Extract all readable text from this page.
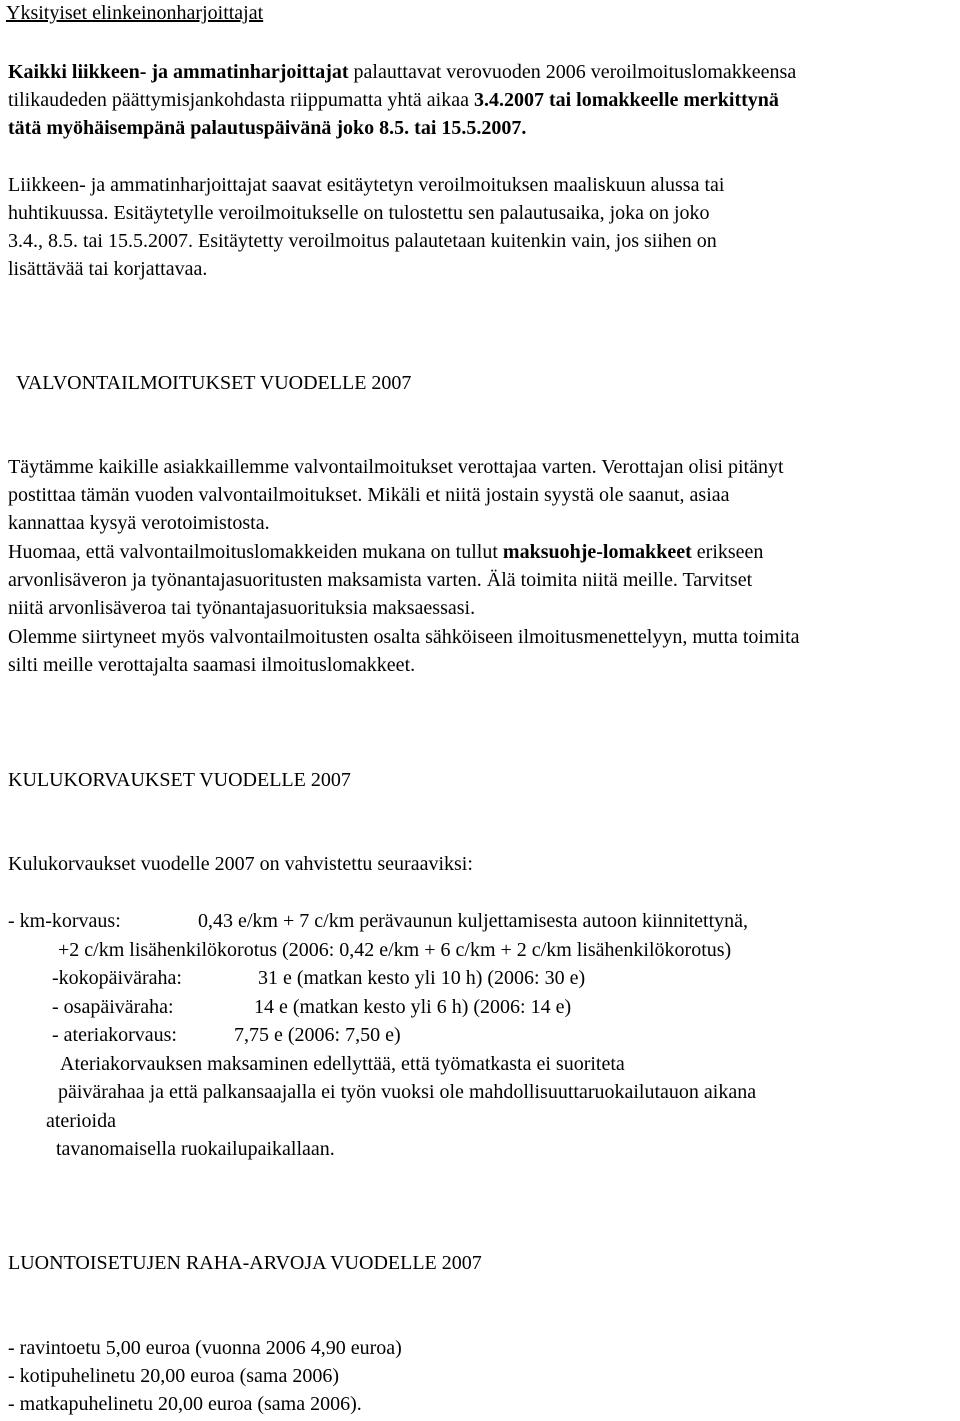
Yksityiset elinkeinonharjoittajat
Kaikki liikkeen- ja ammatinharjoittajat palauttavat verovuoden 2006 veroilmoituslomakkeensa
tilikaudeden päättymisjankohdasta riippumatta yhtä aikaa 3.4.2007 tai lomakkeelle merkittynä
tätä myöhäisempänä palautuspäivänä joko 8.5. tai 15.5.2007.
Liikkeen- ja ammatinharjoittajat saavat esitäytetyn veroilmoituksen maaliskuun alussa tai
huhtikuussa. Esitäytetylle veroilmoitukselle on tulostettu sen palautusaika, joka on joko
3.4., 8.5. tai 15.5.2007. Esitäytetty veroilmoitus palautetaan kuitenkin vain, jos siihen on
lisättävää tai korjattavaa.
VALVONTAILMOITUKSET VUODELLE 2007
Täytämme kaikille asiakkaillemme valvontailmoitukset verottajaa varten. Verottajan olisi pitänyt
postittaa tämän vuoden valvontailmoitukset. Mikäli et niitä jostain syystä ole saanut, asiaa
kannattaa kysyä verotoimistosta.
Huomaa, että valvontailmoituslomakkeiden mukana on tullut maksuohje-lomakkeet erikseen
arvonlisäveron ja työnantajasuoritusten maksamista varten. Älä toimita niitä meille. Tarvitset
niitä arvonlisäveroa tai työnantajasuorituksia maksaessasi.
Olemme siirtyneet myös valvontailmoitusten osalta sähköiseen ilmoitusmenettelyyn, mutta toimita
silti meille verottajalta saamasi ilmoituslomakkeet.
KULUKORVAUKSET VUODELLE 2007
Kulukorvaukset vuodelle 2007 on vahvistettu seuraaviksi:
- km-korvaus:	0,43 e/km + 7 c/km perävaunun kuljettamisesta autoon kiinnitettynä,
+2 c/km lisähenkilökorotus (2006: 0,42 e/km + 6 c/km + 2 c/km lisähenkilökorotus)
-kokopäiväraha:	31 e (matkan kesto yli 10 h) (2006: 30 e)
- osapäiväraha:	14 e (matkan kesto yli 6 h) (2006: 14 e)
- ateriakorvaus:	7,75 e (2006: 7,50 e)
Ateriakorvauksen maksaminen edellyttää, että työmatkasta ei suoriteta
päivärahaa ja että palkansaajalla ei työn vuoksi ole mahdollisuuttaruokailutauon aikana
aterioida
tavanomaisella ruokailupaikallaan.
LUONTOISETUJEN RAHA-ARVOJA VUODELLE 2007
- ravintoetu 5,00 euroa (vuonna 2006 4,90 euroa)
- kotipuhelinetu 20,00 euroa (sama 2006)
- matkapuhelinetu 20,00 euroa (sama 2006).
